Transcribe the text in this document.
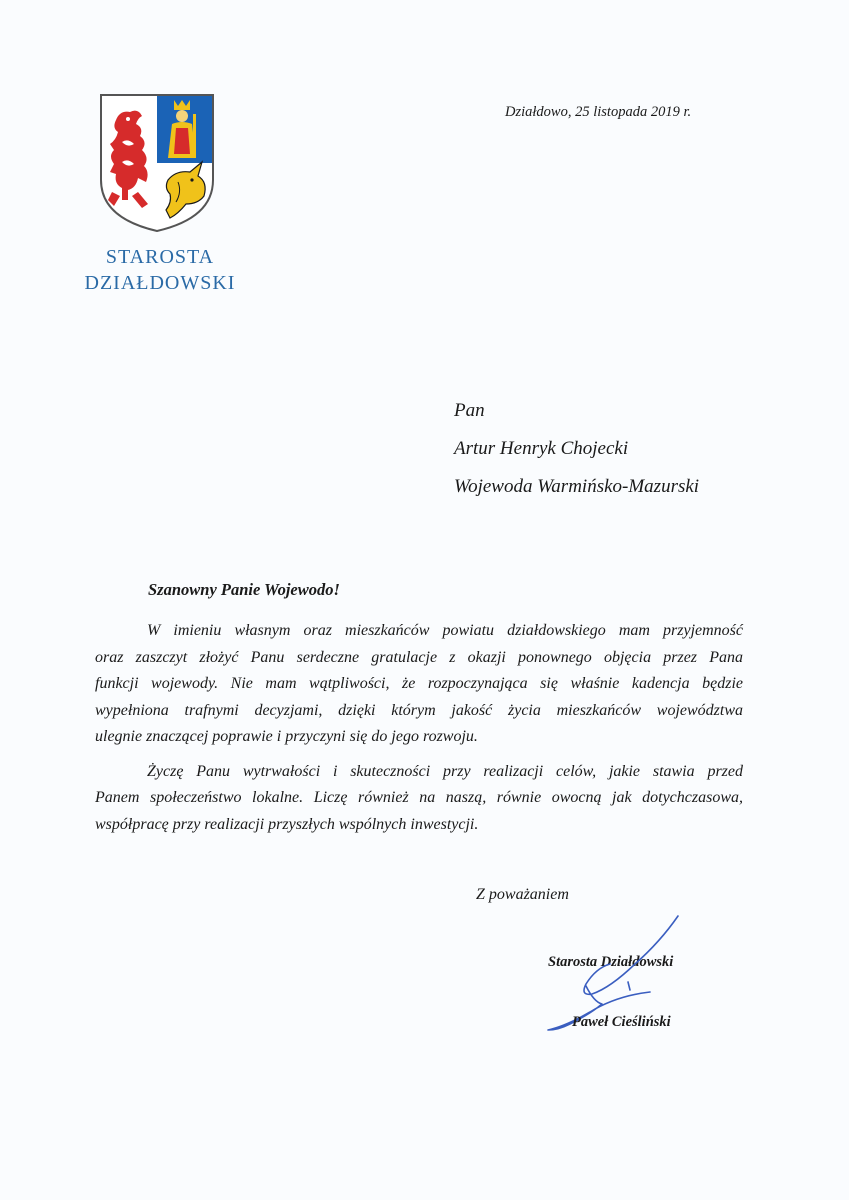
STAROSTA
DZIAŁDOWSKI
Działdowo, 25 listopada 2019 r.
Pan
Artur Henryk Chojecki
Wojewoda Warmińsko-Mazurski
Szanowny Panie Wojewodo!
W imieniu własnym oraz mieszkańców powiatu działdowskiego mam przyjemność
oraz zaszczyt złożyć Panu serdeczne gratulacje z okazji ponownego objęcia przez Pana
funkcji wojewody. Nie mam wątpliwości, że rozpoczynająca się właśnie kadencja będzie
wypełniona trafnymi decyzjami, dzięki którym jakość życia mieszkańców województwa
ulegnie znaczącej poprawie i przyczyni się do jego rozwoju.
Życzę Panu wytrwałości i skuteczności przy realizacji celów, jakie stawia przed
Panem społeczeństwo lokalne. Liczę również na naszą, równie owocną jak dotychczasowa,
współpracę przy realizacji przyszłych wspólnych inwestycji.
Z poważaniem
Starosta Działdowski
Paweł Cieśliński
